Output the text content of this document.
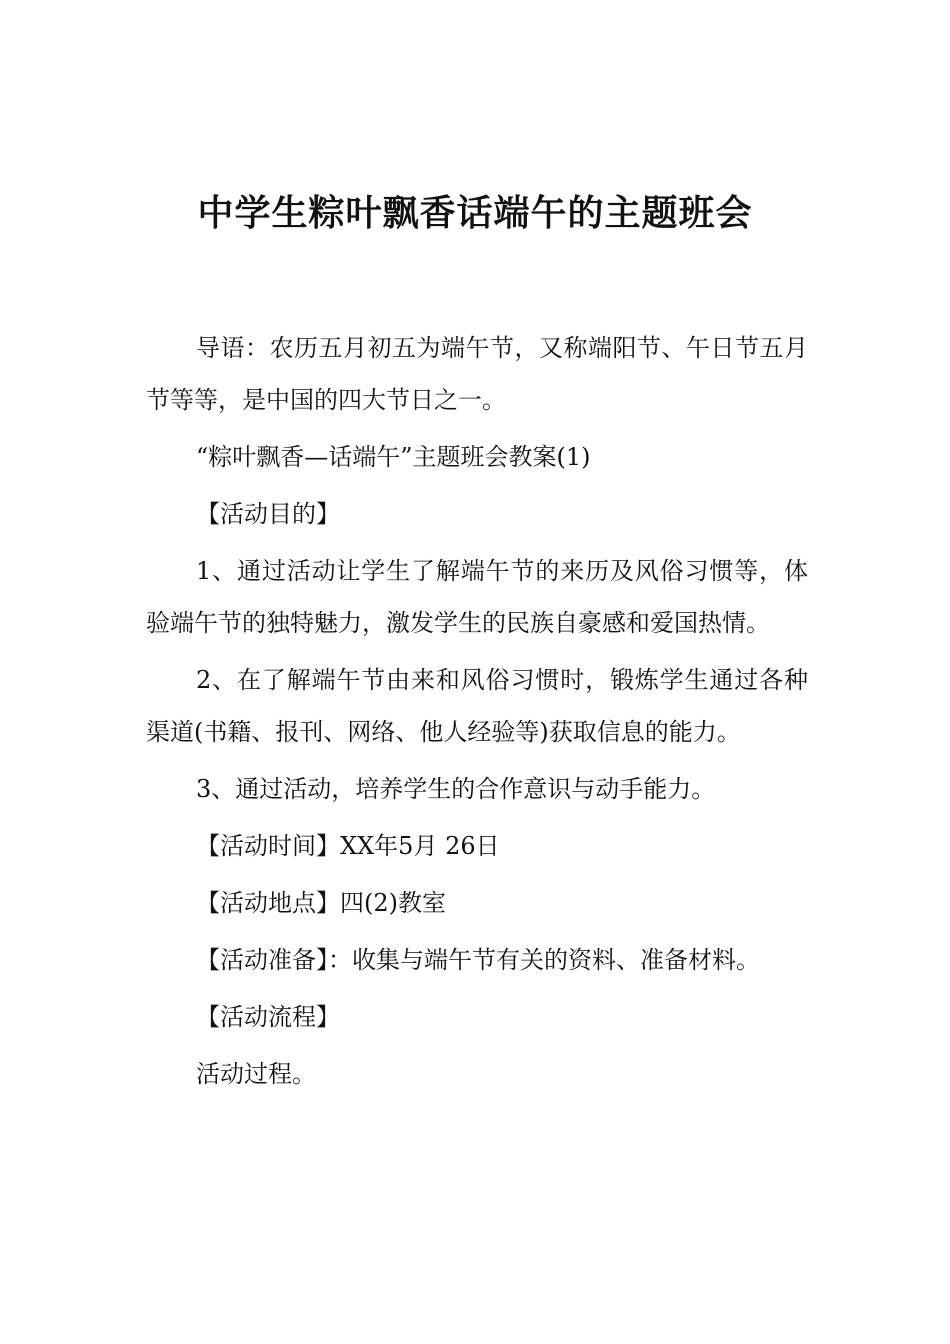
中学生粽叶飘香话端午的主题班会

导语：农历五月初五为端午节，又称端阳节、午日节五月节等等，是中国的四大节日之一。

“粽叶飘香—话端午”主题班会教案(1)

【活动目的】

1、通过活动让学生了解端午节的来历及风俗习惯等，体验端午节的独特魅力，激发学生的民族自豪感和爱国热情。

2、在了解端午节由来和风俗习惯时，锻炼学生通过各种渠道(书籍、报刊、网络、他人经验等)获取信息的能力。

3、通过活动，培养学生的合作意识与动手能力。

【活动时间】XX年5月 26日

【活动地点】四(2)教室

【活动准备】：收集与端午节有关的资料、准备材料。

【活动流程】

活动过程。
